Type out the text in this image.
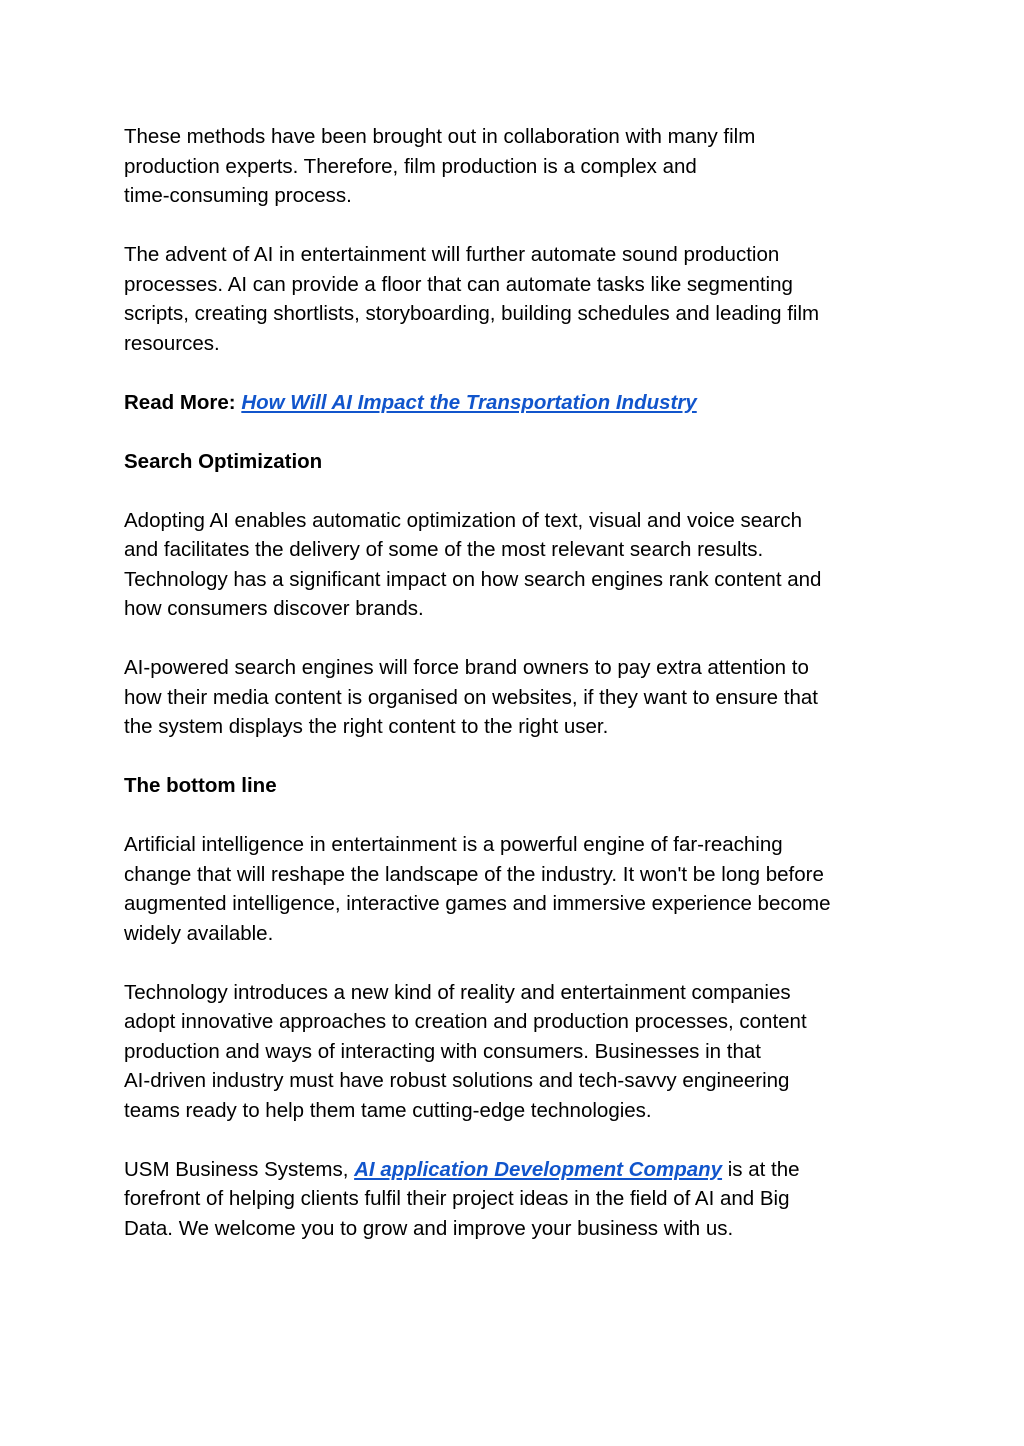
These methods have been brought out in collaboration with many film
production experts. Therefore, film production is a complex and
time-consuming process.

The advent of AI in entertainment will further automate sound production
processes. AI can provide a floor that can automate tasks like segmenting
scripts, creating shortlists, storyboarding, building schedules and leading film
resources.

Read More: How Will AI Impact the Transportation Industry

Search Optimization

Adopting AI enables automatic optimization of text, visual and voice search
and facilitates the delivery of some of the most relevant search results.
Technology has a significant impact on how search engines rank content and
how consumers discover brands.

AI-powered search engines will force brand owners to pay extra attention to
how their media content is organised on websites, if they want to ensure that
the system displays the right content to the right user.

The bottom line

Artificial intelligence in entertainment is a powerful engine of far-reaching
change that will reshape the landscape of the industry. It won't be long before
augmented intelligence, interactive games and immersive experience become
widely available.

Technology introduces a new kind of reality and entertainment companies
adopt innovative approaches to creation and production processes, content
production and ways of interacting with consumers. Businesses in that
AI-driven industry must have robust solutions and tech-savvy engineering
teams ready to help them tame cutting-edge technologies.

USM Business Systems, AI application Development Company is at the
forefront of helping clients fulfil their project ideas in the field of AI and Big
Data. We welcome you to grow and improve your business with us.
